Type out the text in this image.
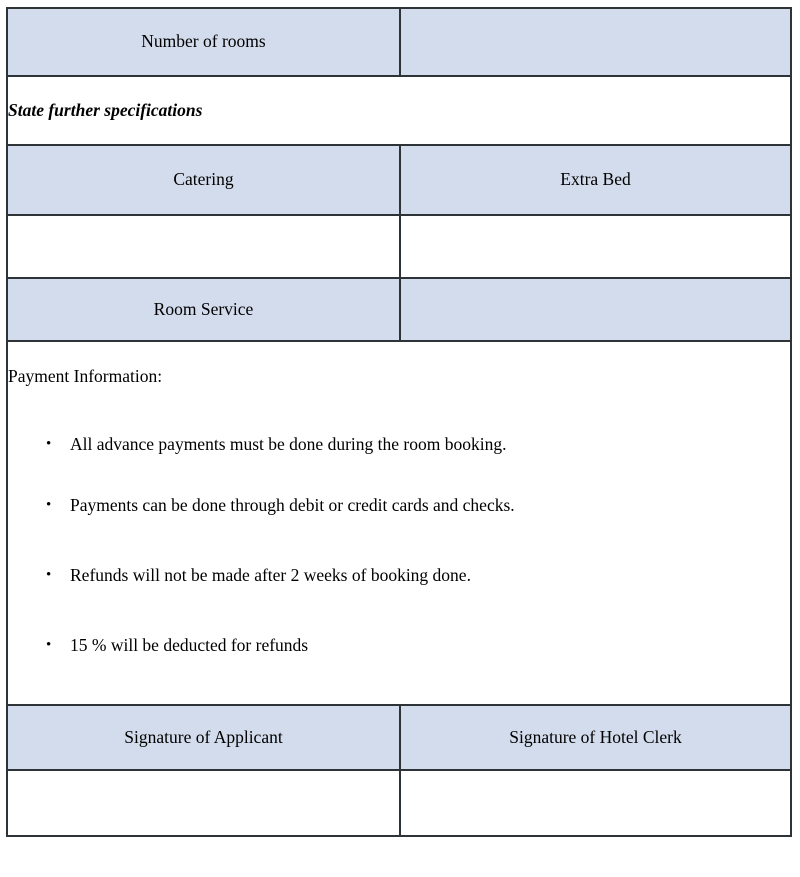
Number of rooms	
State further specifications	
Catering	Extra Bed

Room Service	

Payment Information:

• All advance payments must be done during the room booking.
• Payments can be done through debit or credit cards and checks.
• Refunds will not be made after 2 weeks of booking done.
• 15 % will be deducted for refunds

Signature of Applicant	Signature of Hotel Clerk
